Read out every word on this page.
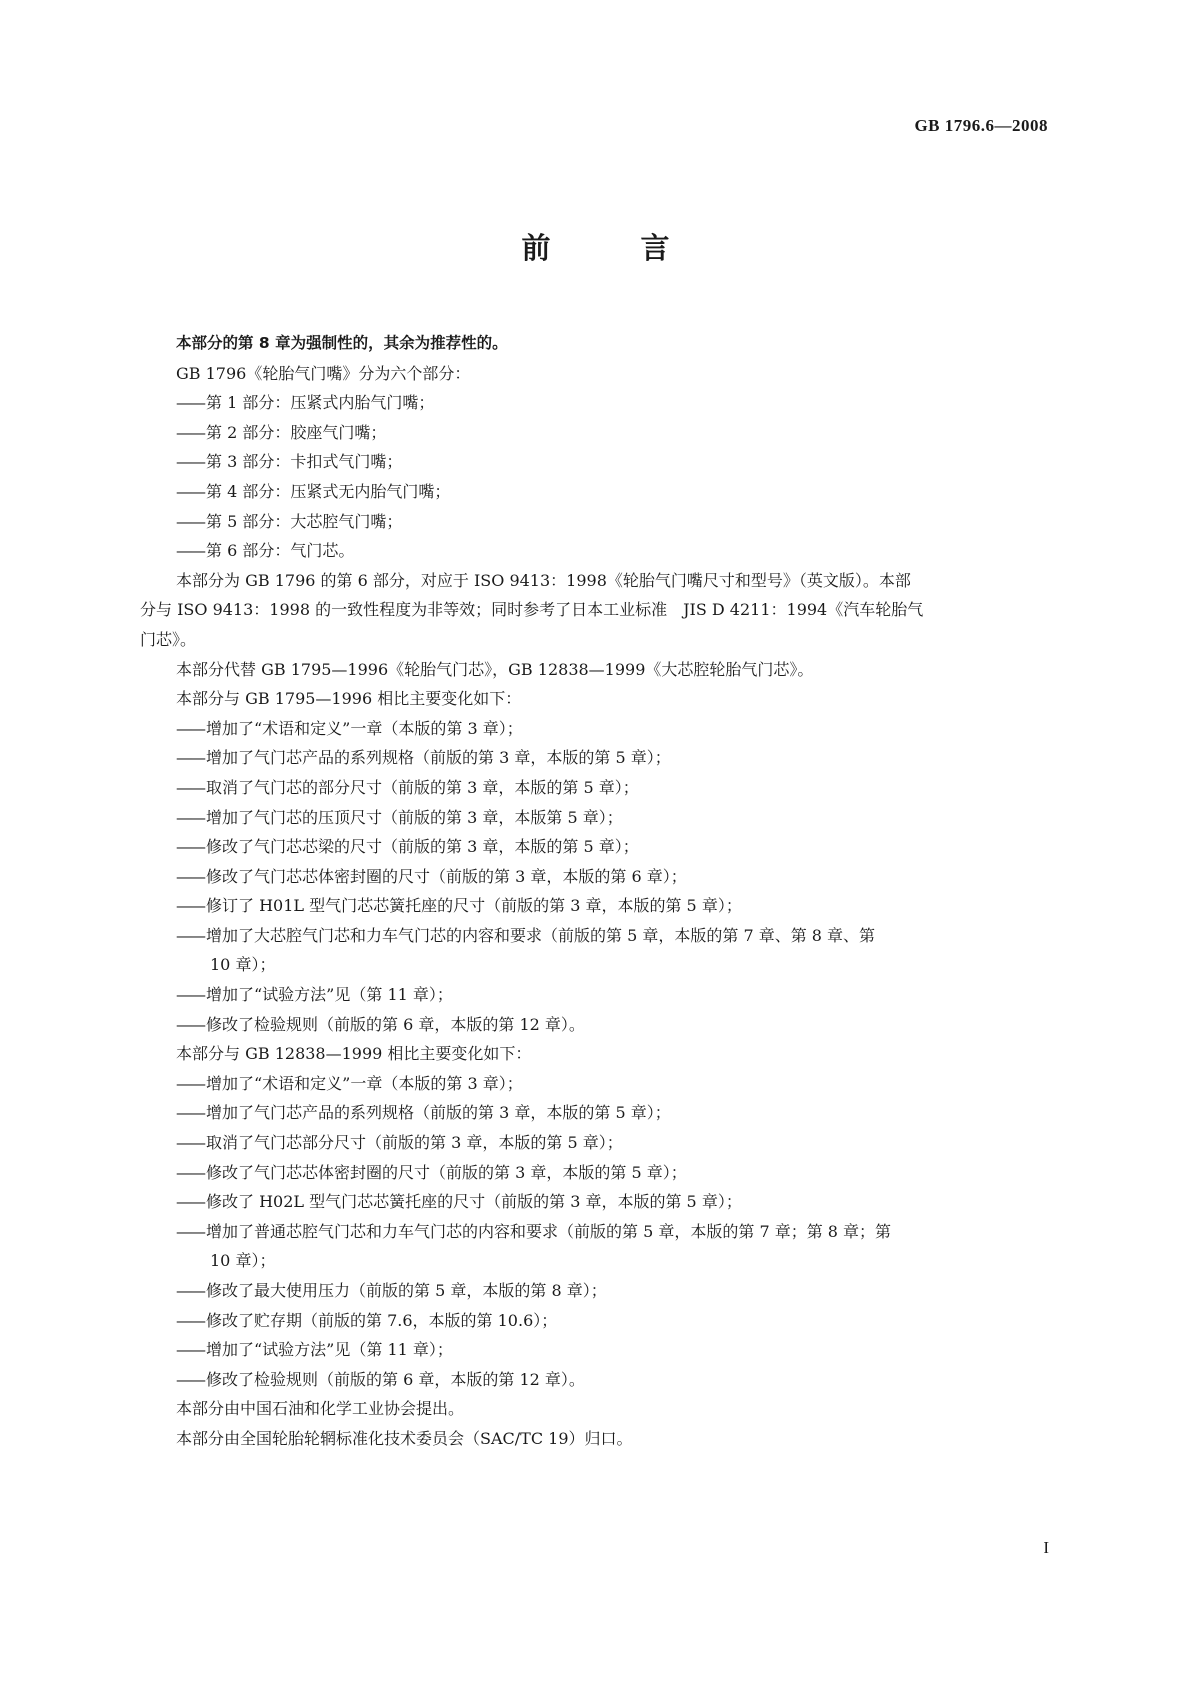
GB 1796.6—2008
前 言
本部分的第 8 章为强制性的，其余为推荐性的。
GB 1796《轮胎气门嘴》分为六个部分：
—— 第 1 部分：压紧式内胎气门嘴；
—— 第 2 部分：胶座气门嘴；
—— 第 3 部分：卡扣式气门嘴；
—— 第 4 部分：压紧式无内胎气门嘴；
—— 第 5 部分：大芯腔气门嘴；
—— 第 6 部分：气门芯。
本部分为 GB 1796 的第 6 部分，对应于 ISO 9413：1998《轮胎气门嘴尺寸和型号》（英文版）。本部
分与 ISO 9413：1998 的一致性程度为非等效；同时参考了日本工业标准　JIS D 4211：1994《汽车轮胎气
门芯》。
本部分代替 GB 1795—1996《轮胎气门芯》，GB 12838—1999《大芯腔轮胎气门芯》。
本部分与 GB 1795—1996 相比主要变化如下：
—— 增加了“术语和定义”一章（本版的第 3 章）；
—— 增加了气门芯产品的系列规格（前版的第 3 章，本版的第 5 章）；
—— 取消了气门芯的部分尺寸（前版的第 3 章，本版的第 5 章）；
—— 增加了气门芯的压顶尺寸（前版的第 3 章，本版第 5 章）；
—— 修改了气门芯芯梁的尺寸（前版的第 3 章，本版的第 5 章）；
—— 修改了气门芯芯体密封圈的尺寸（前版的第 3 章，本版的第 6 章）；
—— 修订了 H01L 型气门芯芯簧托座的尺寸（前版的第 3 章，本版的第 5 章）；
—— 增加了大芯腔气门芯和力车气门芯的内容和要求（前版的第 5 章，本版的第 7 章、第 8 章、第
10 章）；
—— 增加了“试验方法”见（第 11 章）；
—— 修改了检验规则（前版的第 6 章，本版的第 12 章）。
本部分与 GB 12838—1999 相比主要变化如下：
—— 增加了“术语和定义”一章（本版的第 3 章）；
—— 增加了气门芯产品的系列规格（前版的第 3 章，本版的第 5 章）；
—— 取消了气门芯部分尺寸（前版的第 3 章，本版的第 5 章）；
—— 修改了气门芯芯体密封圈的尺寸（前版的第 3 章，本版的第 5 章）；
—— 修改了 H02L 型气门芯芯簧托座的尺寸（前版的第 3 章，本版的第 5 章）；
—— 增加了普通芯腔气门芯和力车气门芯的内容和要求（前版的第 5 章，本版的第 7 章；第 8 章；第
10 章）；
—— 修改了最大使用压力（前版的第 5 章，本版的第 8 章）；
—— 修改了贮存期（前版的第 7.6，本版的第 10.6）；
—— 增加了“试验方法”见（第 11 章）；
—— 修改了检验规则（前版的第 6 章，本版的第 12 章）。
本部分由中国石油和化学工业协会提出。
本部分由全国轮胎轮辋标准化技术委员会（SAC/TC 19）归口。
I
